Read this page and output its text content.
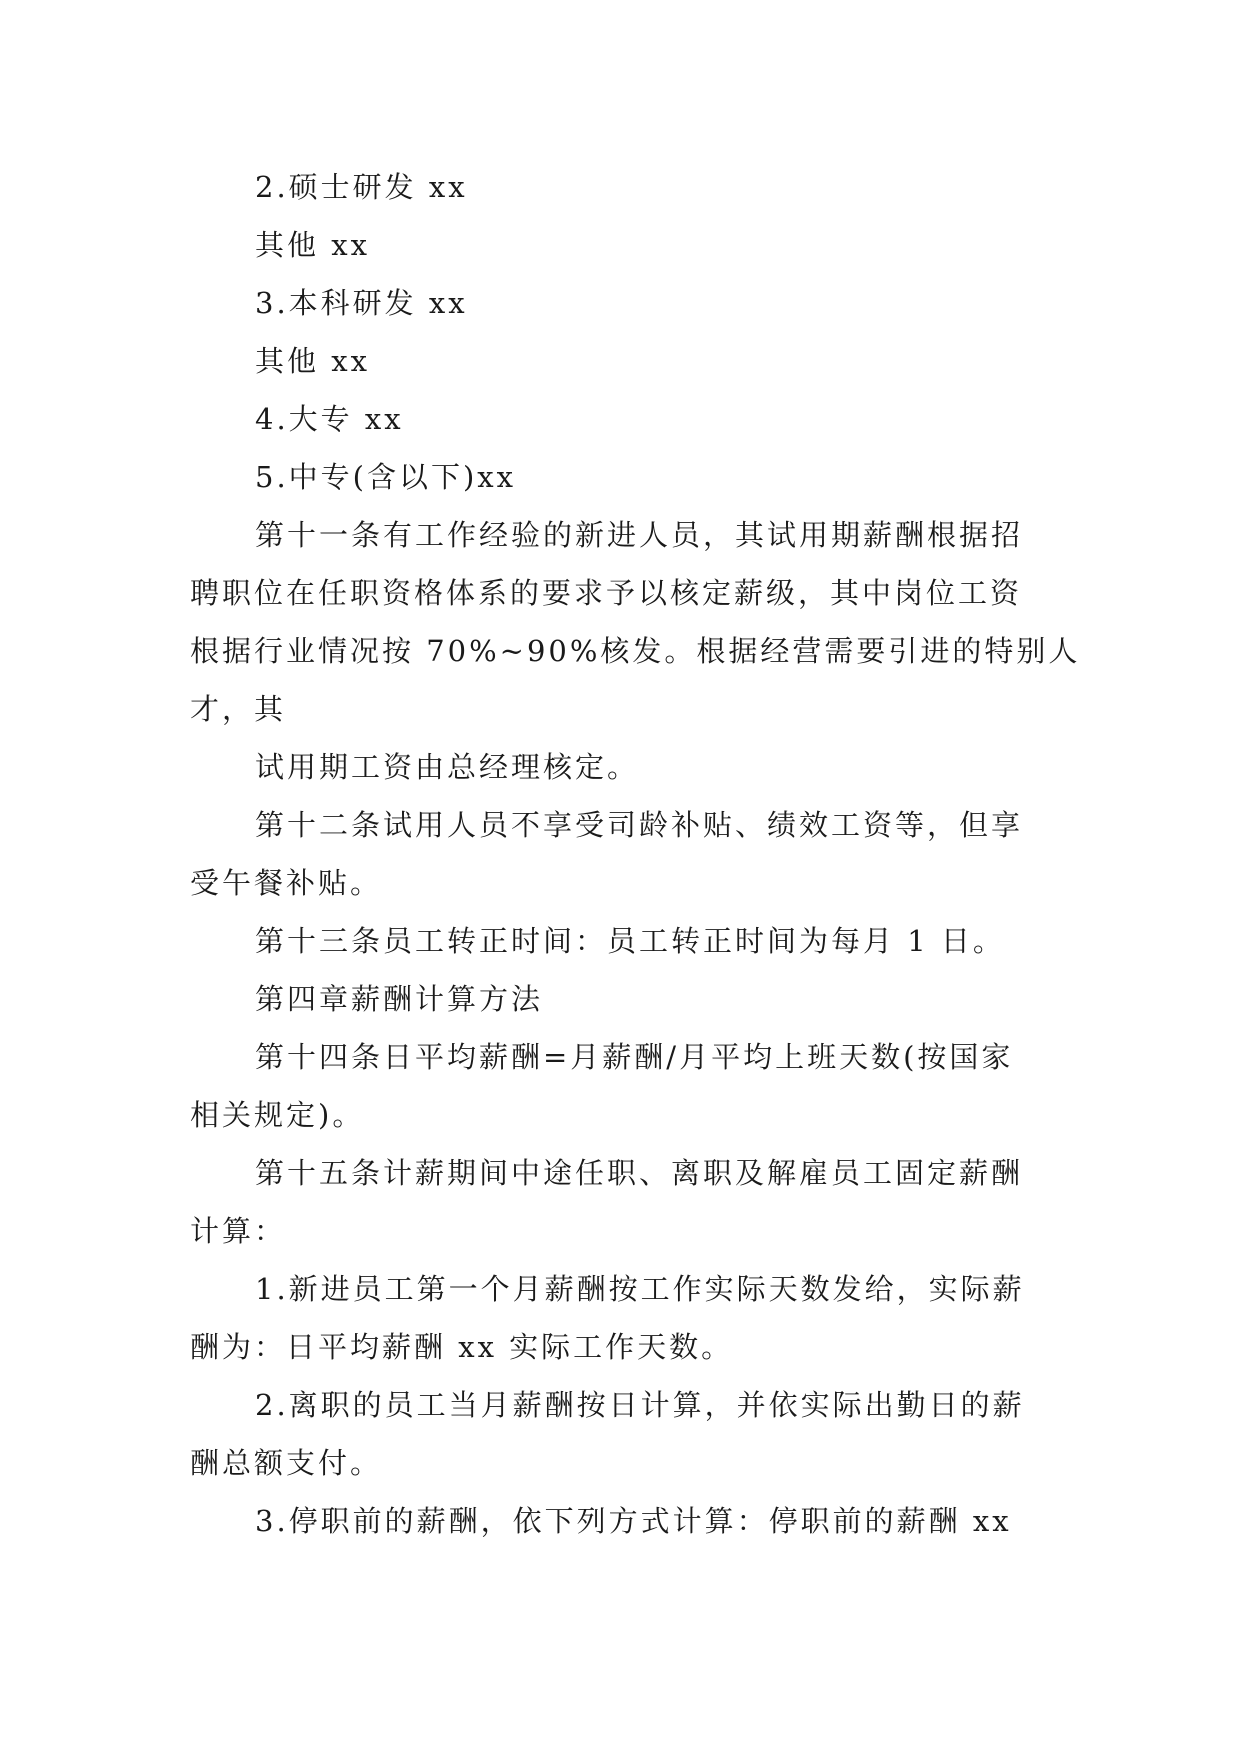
2.硕士研发 xx
其他 xx
3.本科研发 xx
其他 xx
4.大专 xx
5.中专(含以下)xx
第十一条有工作经验的新进人员，其试用期薪酬根据招
聘职位在任职资格体系的要求予以核定薪级，其中岗位工资
根据行业情况按 70%~90%核发。根据经营需要引进的特别人
才，其
试用期工资由总经理核定。
第十二条试用人员不享受司龄补贴、绩效工资等，但享
受午餐补贴。
第十三条员工转正时间：员工转正时间为每月 1 日。
第四章薪酬计算方法
第十四条日平均薪酬=月薪酬/月平均上班天数(按国家
相关规定)。
第十五条计薪期间中途任职、离职及解雇员工固定薪酬
计算：
1.新进员工第一个月薪酬按工作实际天数发给，实际薪
酬为：日平均薪酬 xx 实际工作天数。
2.离职的员工当月薪酬按日计算，并依实际出勤日的薪
酬总额支付。
3.停职前的薪酬，依下列方式计算：停职前的薪酬 xx
